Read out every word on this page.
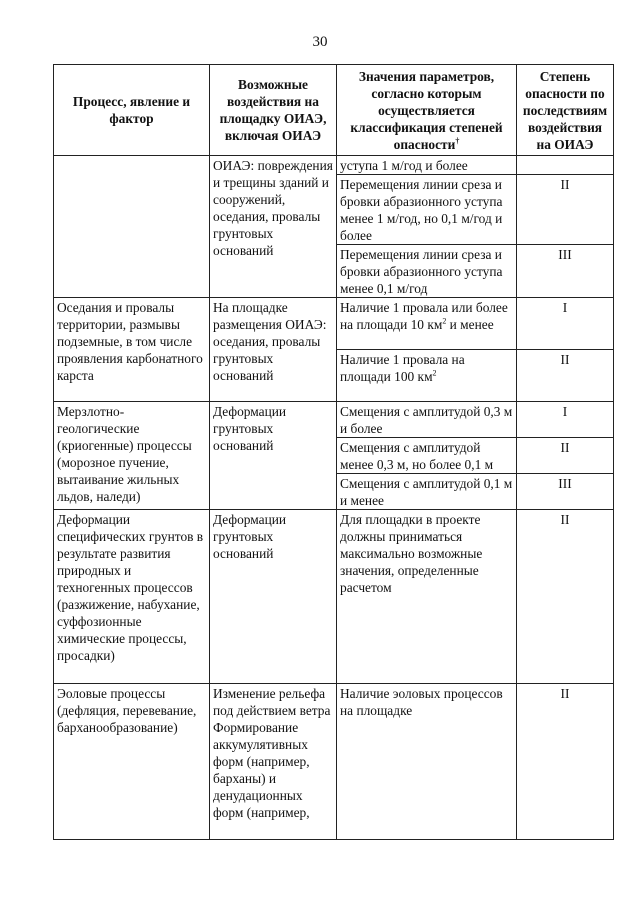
30
Процесс, явление и фактор	Возможные воздействия на площадку ОИАЭ, включая ОИАЭ	Значения параметров, согласно которым осуществляется классификация степеней опасности†	Степень опасности по последствиям воздействия на ОИАЭ
	ОИАЭ: повреждения и трещины зданий и сооружений, оседания, провалы грунтовых оснований	уступа 1 м/год и более	
		Перемещения линии среза и бровки абразионного уступа менее 1 м/год, но 0,1 м/год и более	II
		Перемещения линии среза и бровки абразионного уступа менее 0,1 м/год	III
Оседания и провалы территории, размывы подземные, в том числе проявления карбонатного карста	На площадке размещения ОИАЭ: оседания, провалы грунтовых оснований	Наличие 1 провала или более на площади 10 $км^2$ и менее	I
		Наличие 1 провала на площади 100 $км^2$	II
Мерзлотно-геологические (криогенные) процессы (морозное пучение, вытаивание жильных льдов, наледи)	Деформации грунтовых оснований	Смещения с амплитудой 0,3 м и более	I
		Смещения с амплитудой менее 0,3 м, но более 0,1 м	II
		Смещения с амплитудой 0,1 м и менее	III
Деформации специфических грунтов в результате развития природных и техногенных процессов (разжижение, набухание, суффозионные химические процессы, просадки)	Деформации грунтовых оснований	Для площадки в проекте должны приниматься максимально возможные значения, определенные расчетом	II
Эоловые процессы (дефляция, перевевание, барханообразование)	Изменение рельефа под действием ветра Формирование аккумулятивных форм (например, барханы) и денудационных форм (например,	Наличие эоловых процессов на площадке	II
